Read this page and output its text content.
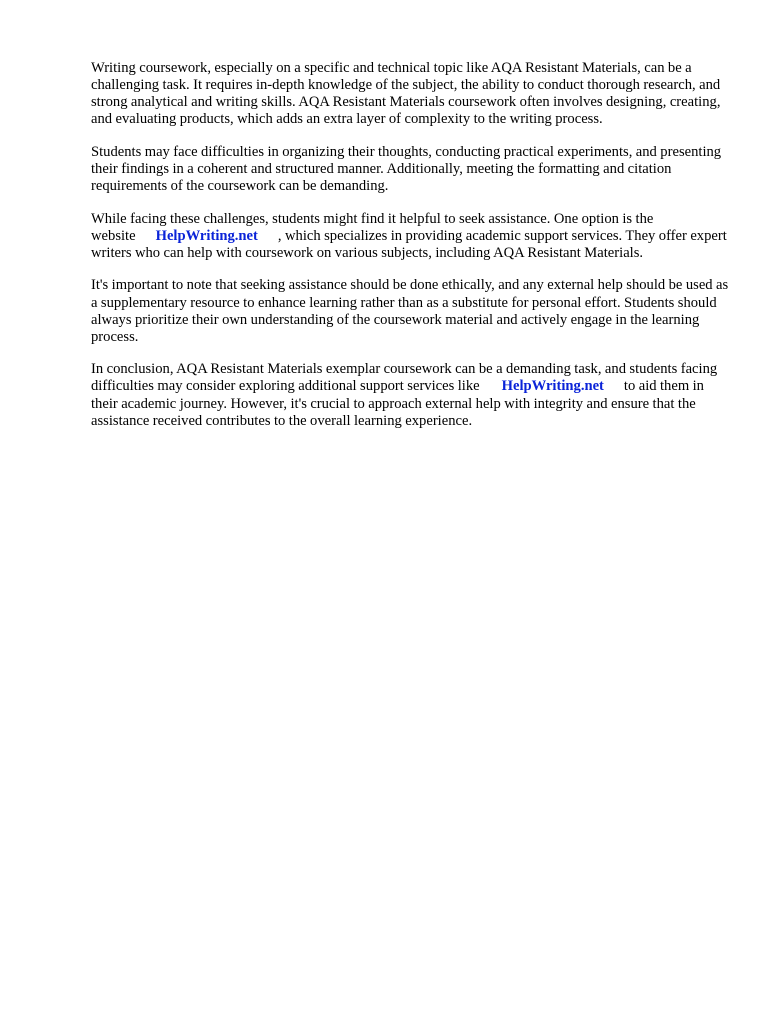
Writing coursework, especially on a specific and technical topic like AQA Resistant Materials, can be a challenging task. It requires in-depth knowledge of the subject, the ability to conduct thorough research, and strong analytical and writing skills. AQA Resistant Materials coursework often involves designing, creating, and evaluating products, which adds an extra layer of complexity to the writing process.

Students may face difficulties in organizing their thoughts, conducting practical experiments, and presenting their findings in a coherent and structured manner. Additionally, meeting the formatting and citation requirements of the coursework can be demanding.

While facing these challenges, students might find it helpful to seek assistance. One option is the website HelpWriting.net , which specializes in providing academic support services. They offer expert writers who can help with coursework on various subjects, including AQA Resistant Materials.

It's important to note that seeking assistance should be done ethically, and any external help should be used as a supplementary resource to enhance learning rather than as a substitute for personal effort. Students should always prioritize their own understanding of the coursework material and actively engage in the learning process.

In conclusion, AQA Resistant Materials exemplar coursework can be a demanding task, and students facing difficulties may consider exploring additional support services like HelpWriting.net to aid them in their academic journey. However, it's crucial to approach external help with integrity and ensure that the assistance received contributes to the overall learning experience.
